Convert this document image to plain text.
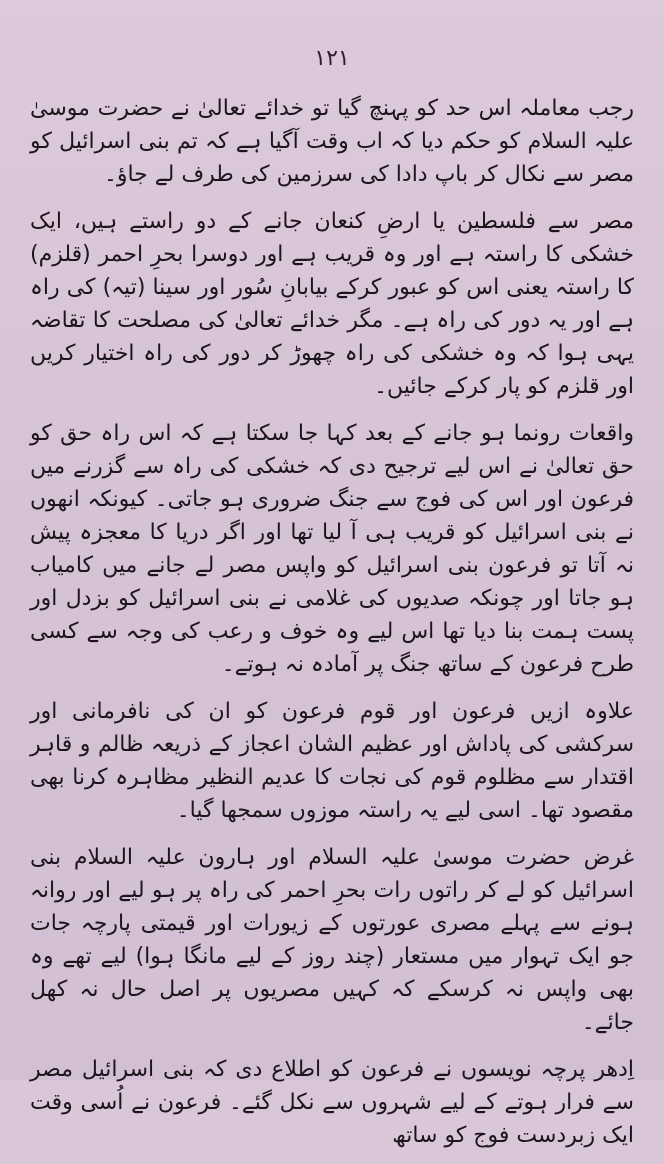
١٢١

رجب معاملہ اس حد کو پہنچ گیا تو خدائے تعالیٰ نے حضرت موسیٰ علیہ السلام کو حکم دیا کہ اب وقت آگیا ہے کہ تم بنی اسرائیل کو مصر سے نکال کر باپ دادا کی سرزمین کی طرف لے جاؤ۔

مصر سے فلسطین یا ارضِ کنعان جانے کے دو راستے ہیں، ایک خشکی کا راستہ ہے اور وہ قریب ہے اور دوسرا بحرِ احمر (قلزم) کا راستہ یعنی اس کو عبور کرکے بیابانِ سُور اور سینا (تیہ) کی راہ ہے اور یہ دور کی راہ ہے۔ مگر خدائے تعالیٰ کی مصلحت کا تقاضہ یہی ہوا کہ وہ خشکی کی راہ چھوڑ کر دور کی راہ اختیار کریں اور قلزم کو پار کرکے جائیں۔

واقعات رونما ہو جانے کے بعد کہا جا سکتا ہے کہ اس راہ حق کو حق تعالیٰ نے اس لیے ترجیح دی کہ خشکی کی راہ سے گزرنے میں فرعون اور اس کی فوج سے جنگ ضروری ہو جاتی۔ کیونکہ انھوں نے بنی اسرائیل کو قریب ہی آ لیا تھا اور اگر دریا کا معجزہ پیش نہ آتا تو فرعون بنی اسرائیل کو واپس مصر لے جانے میں کامیاب ہو جاتا اور چونکہ صدیوں کی غلامی نے بنی اسرائیل کو بزدل اور پست ہمت بنا دیا تھا اس لیے وہ خوف و رعب کی وجہ سے کسی طرح فرعون کے ساتھ جنگ پر آمادہ نہ ہوتے۔

علاوہ ازیں فرعون اور قوم فرعون کو ان کی نافرمانی اور سرکشی کی پاداش اور عظیم الشان اعجاز کے ذریعہ ظالم و قاہر اقتدار سے مظلوم قوم کی نجات کا عدیم النظیر مظاہرہ کرنا بھی مقصود تھا۔ اسی لیے یہ راستہ موزوں سمجھا گیا۔

غرض حضرت موسیٰ علیہ السلام اور ہارون علیہ السلام بنی اسرائیل کو لے کر راتوں رات بحرِ احمر کی راہ پر ہو لیے اور روانہ ہونے سے پہلے مصری عورتوں کے زیورات اور قیمتی پارچہ جات جو ایک تہوار میں مستعار (چند روز کے لیے مانگا ہوا) لیے تھے وہ بھی واپس نہ کرسکے کہ کہیں مصریوں پر اصل حال نہ کھل جائے۔

اِدھر پرچہ نویسوں نے فرعون کو اطلاع دی کہ بنی اسرائیل مصر سے فرار ہوتے کے لیے شہروں سے نکل گئے۔ فرعون نے اُسی وقت ایک زبردست فوج کو ساتھ
